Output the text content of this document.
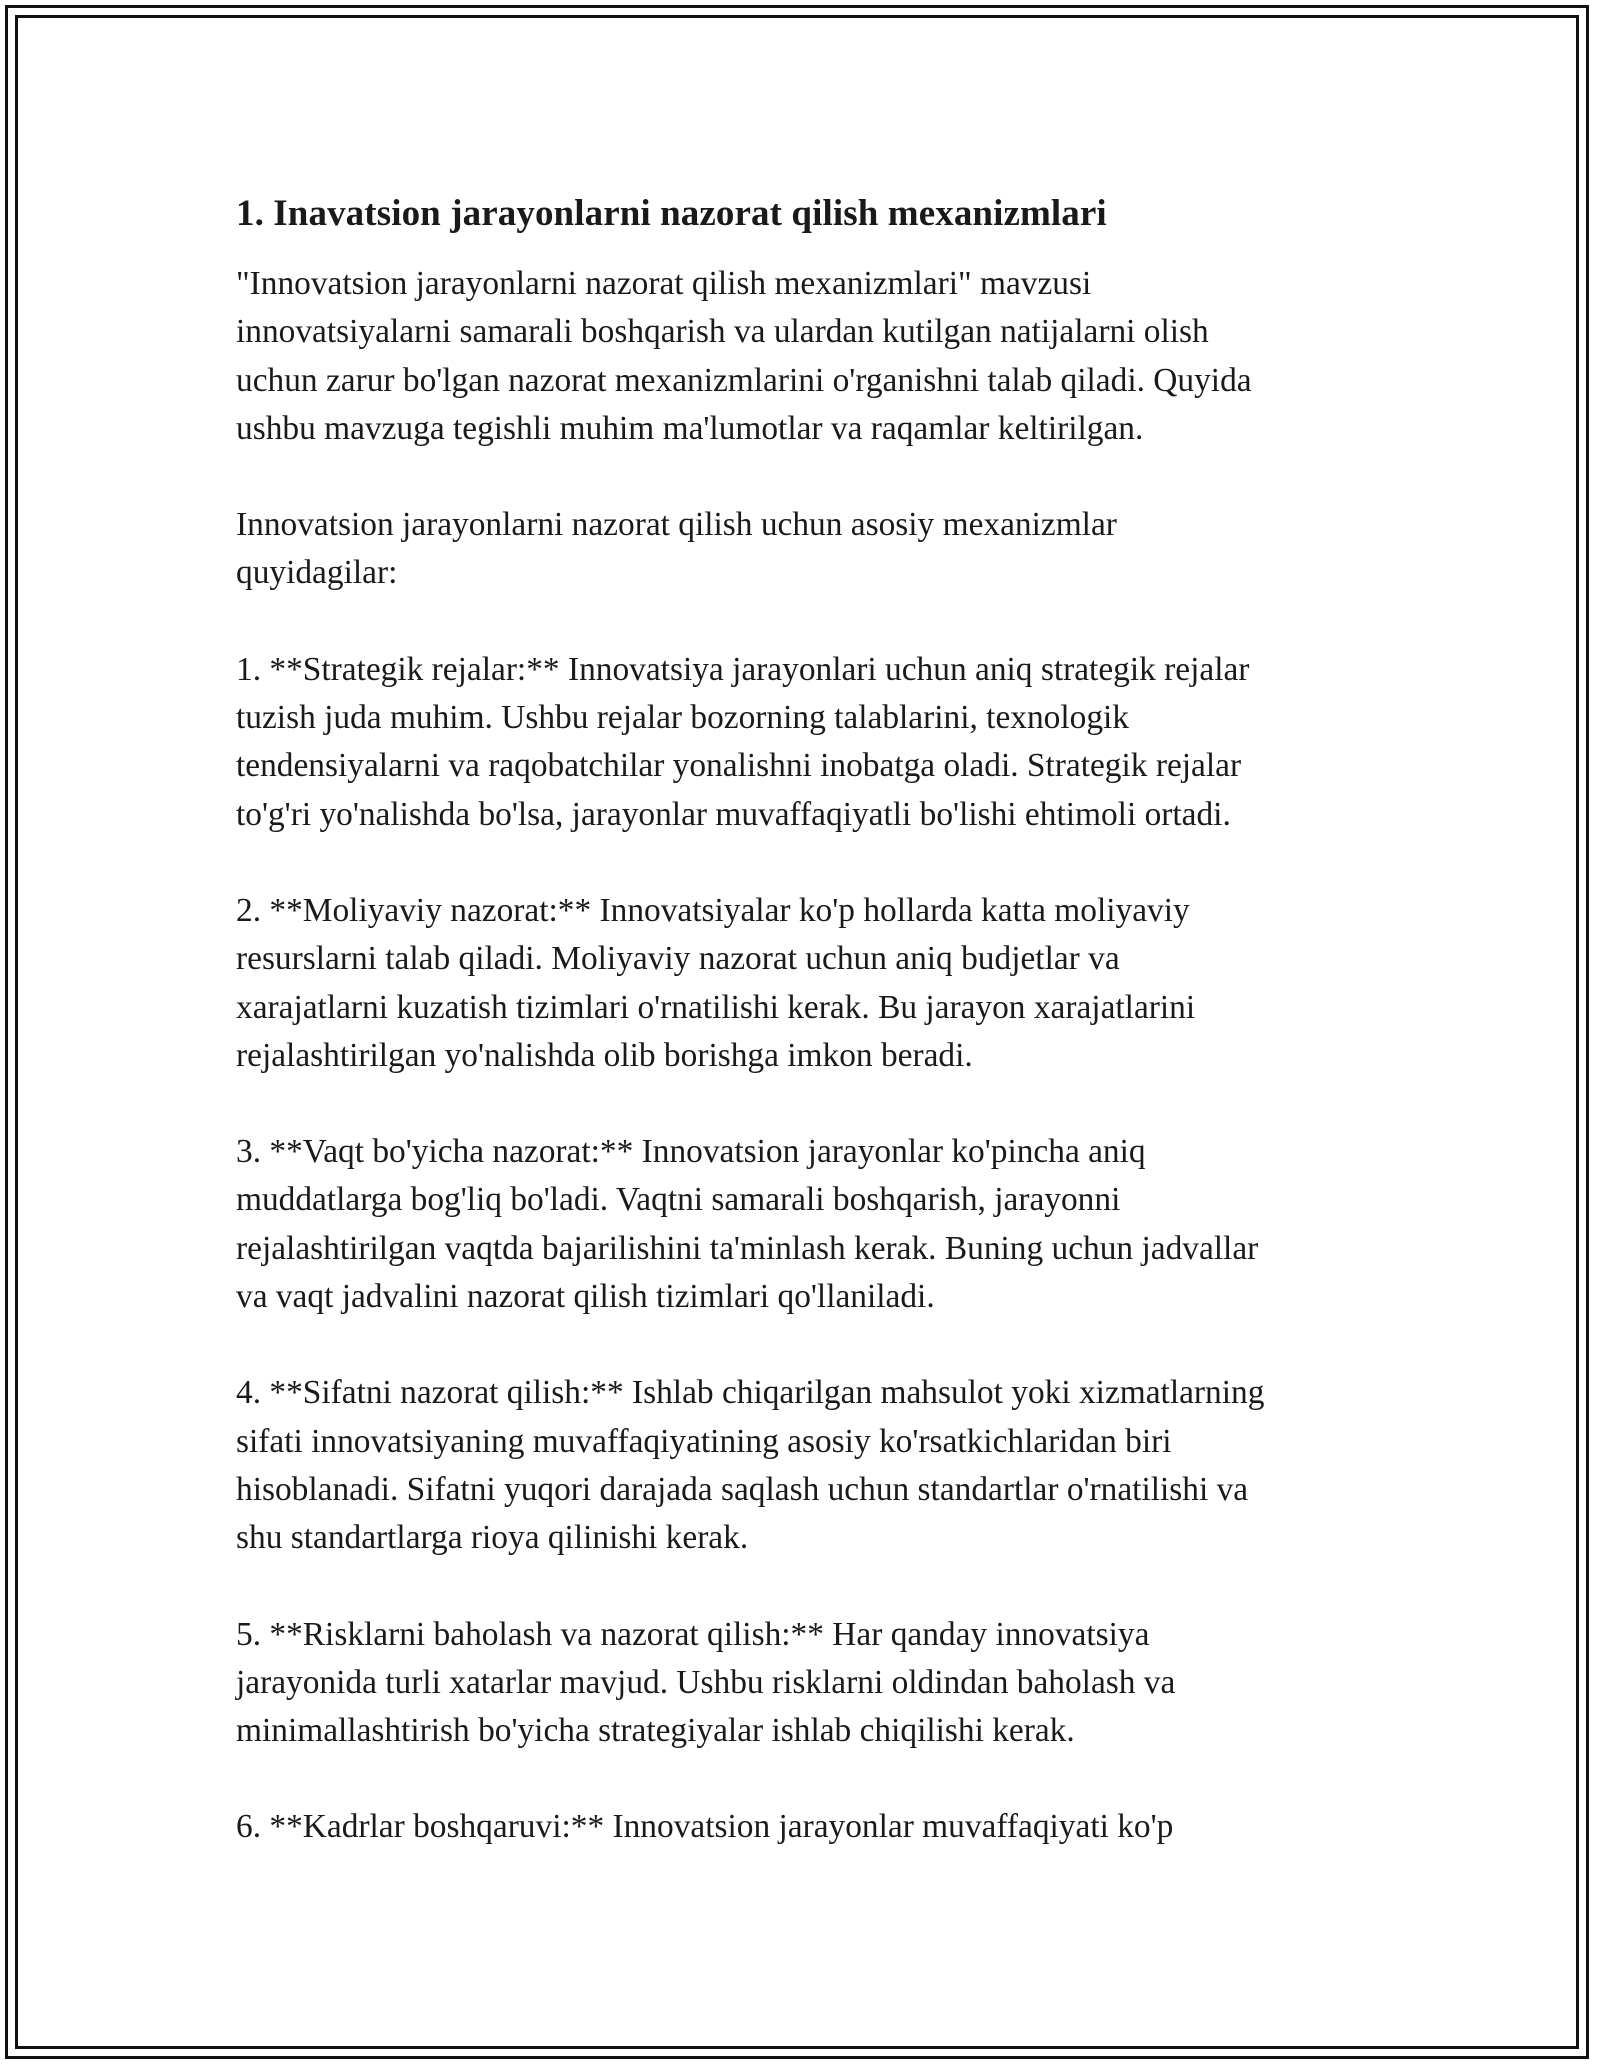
1. Inavatsion jarayonlarni nazorat qilish mexanizmlari

"Innovatsion jarayonlarni nazorat qilish mexanizmlari" mavzusi
innovatsiyalarni samarali boshqarish va ulardan kutilgan natijalarni olish
uchun zarur bo'lgan nazorat mexanizmlarini o'rganishni talab qiladi. Quyida
ushbu mavzuga tegishli muhim ma'lumotlar va raqamlar keltirilgan.

Innovatsion jarayonlarni nazorat qilish uchun asosiy mexanizmlar
quyidagilar:

1. **Strategik rejalar:** Innovatsiya jarayonlari uchun aniq strategik rejalar
tuzish juda muhim. Ushbu rejalar bozorning talablarini, texnologik
tendensiyalarni va raqobatchilar yonalishni inobatga oladi. Strategik rejalar
to'g'ri yo'nalishda bo'lsa, jarayonlar muvaffaqiyatli bo'lishi ehtimoli ortadi.

2. **Moliyaviy nazorat:** Innovatsiyalar ko'p hollarda katta moliyaviy
resurslarni talab qiladi. Moliyaviy nazorat uchun aniq budjetlar va
xarajatlarni kuzatish tizimlari o'rnatilishi kerak. Bu jarayon xarajatlarini
rejalashtirilgan yo'nalishda olib borishga imkon beradi.

3. **Vaqt bo'yicha nazorat:** Innovatsion jarayonlar ko'pincha aniq
muddatlarga bog'liq bo'ladi. Vaqtni samarali boshqarish, jarayonni
rejalashtirilgan vaqtda bajarilishini ta'minlash kerak. Buning uchun jadvallar
va vaqt jadvalini nazorat qilish tizimlari qo'llaniladi.

4. **Sifatni nazorat qilish:** Ishlab chiqarilgan mahsulot yoki xizmatlarning
sifati innovatsiyaning muvaffaqiyatining asosiy ko'rsatkichlaridan biri
hisoblanadi. Sifatni yuqori darajada saqlash uchun standartlar o'rnatilishi va
shu standartlarga rioya qilinishi kerak.

5. **Risklarni baholash va nazorat qilish:** Har qanday innovatsiya
jarayonida turli xatarlar mavjud. Ushbu risklarni oldindan baholash va
minimallashtirish bo'yicha strategiyalar ishlab chiqilishi kerak.

6. **Kadrlar boshqaruvi:** Innovatsion jarayonlar muvaffaqiyati ko'p
